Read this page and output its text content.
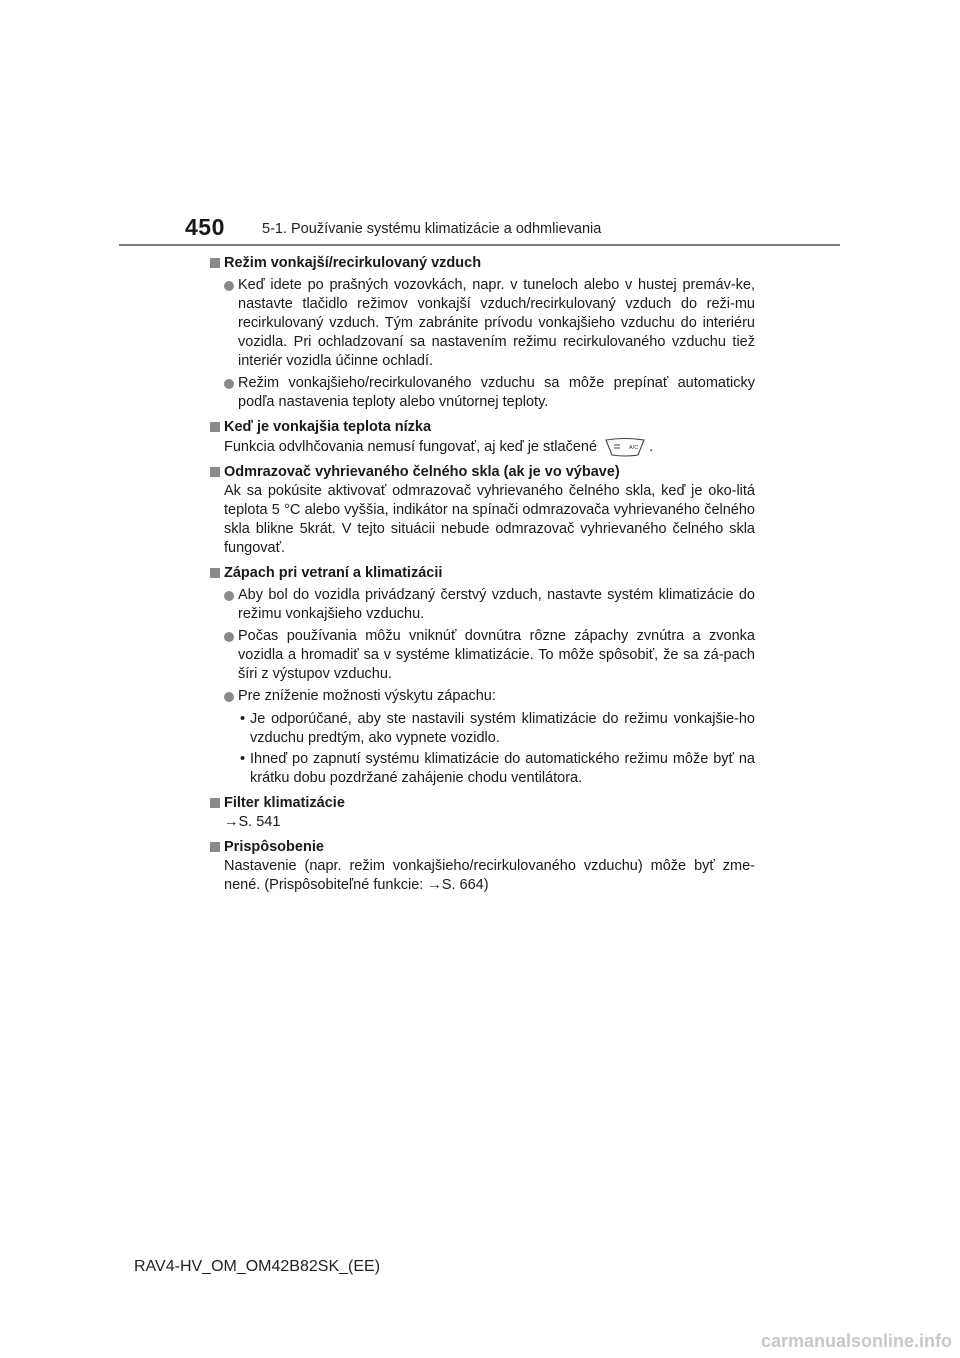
450	5-1. Používanie systému klimatizácie a odhmlievania
Režim vonkajší/recirkulovaný vzduch
Keď idete po prašných vozovkách, napr. v tuneloch alebo v hustej premáv-ke, nastavte tlačidlo režimov vonkajší vzduch/recirkulovaný vzduch do reži-mu recirkulovaný vzduch. Tým zabránite prívodu vonkajšieho vzduchu do interiéru vozidla. Pri ochladzovaní sa nastavením režimu recirkulovaného vzduchu tiež interiér vozidla účinne ochladí.
Režim vonkajšieho/recirkulovaného vzduchu sa môže prepínať automaticky podľa nastavenia teploty alebo vnútornej teploty.
Keď je vonkajšia teplota nízka
Funkcia odvlhčovania nemusí fungovať, aj keď je stlačené	A/C .
Odmrazovač vyhrievaného čelného skla (ak je vo výbave)
Ak sa pokúsite aktivovať odmrazovač vyhrievaného čelného skla, keď je oko-litá teplota 5 °C alebo vyššia, indikátor na spínači odmrazovača vyhrievaného čelného skla blikne 5krát. V tejto situácii nebude odmrazovač vyhrievaného čelného skla fungovať.
Zápach pri vetraní a klimatizácii
Aby bol do vozidla privádzaný čerstvý vzduch, nastavte systém klimatizácie do režimu vonkajšieho vzduchu.
Počas používania môžu vniknúť dovnútra rôzne zápachy zvnútra a zvonka vozidla a hromadiť sa v systéme klimatizácie. To môže spôsobiť, že sa zá-pach šíri z výstupov vzduchu.
Pre zníženie možnosti výskytu zápachu:
• Je odporúčané, aby ste nastavili systém klimatizácie do režimu vonkajšie-ho vzduchu predtým, ako vypnete vozidlo.
• Ihneď po zapnutí systému klimatizácie do automatického režimu môže byť na krátku dobu pozdržané zahájenie chodu ventilátora.
Filter klimatizácie
→S. 541
Prispôsobenie
Nastavenie (napr. režim vonkajšieho/recirkulovaného vzduchu) môže byť zme-nené. (Prispôsobiteľné funkcie: →S. 664)
RAV4-HV_OM_OM42B82SK_(EE)
carmanualsonline.info
